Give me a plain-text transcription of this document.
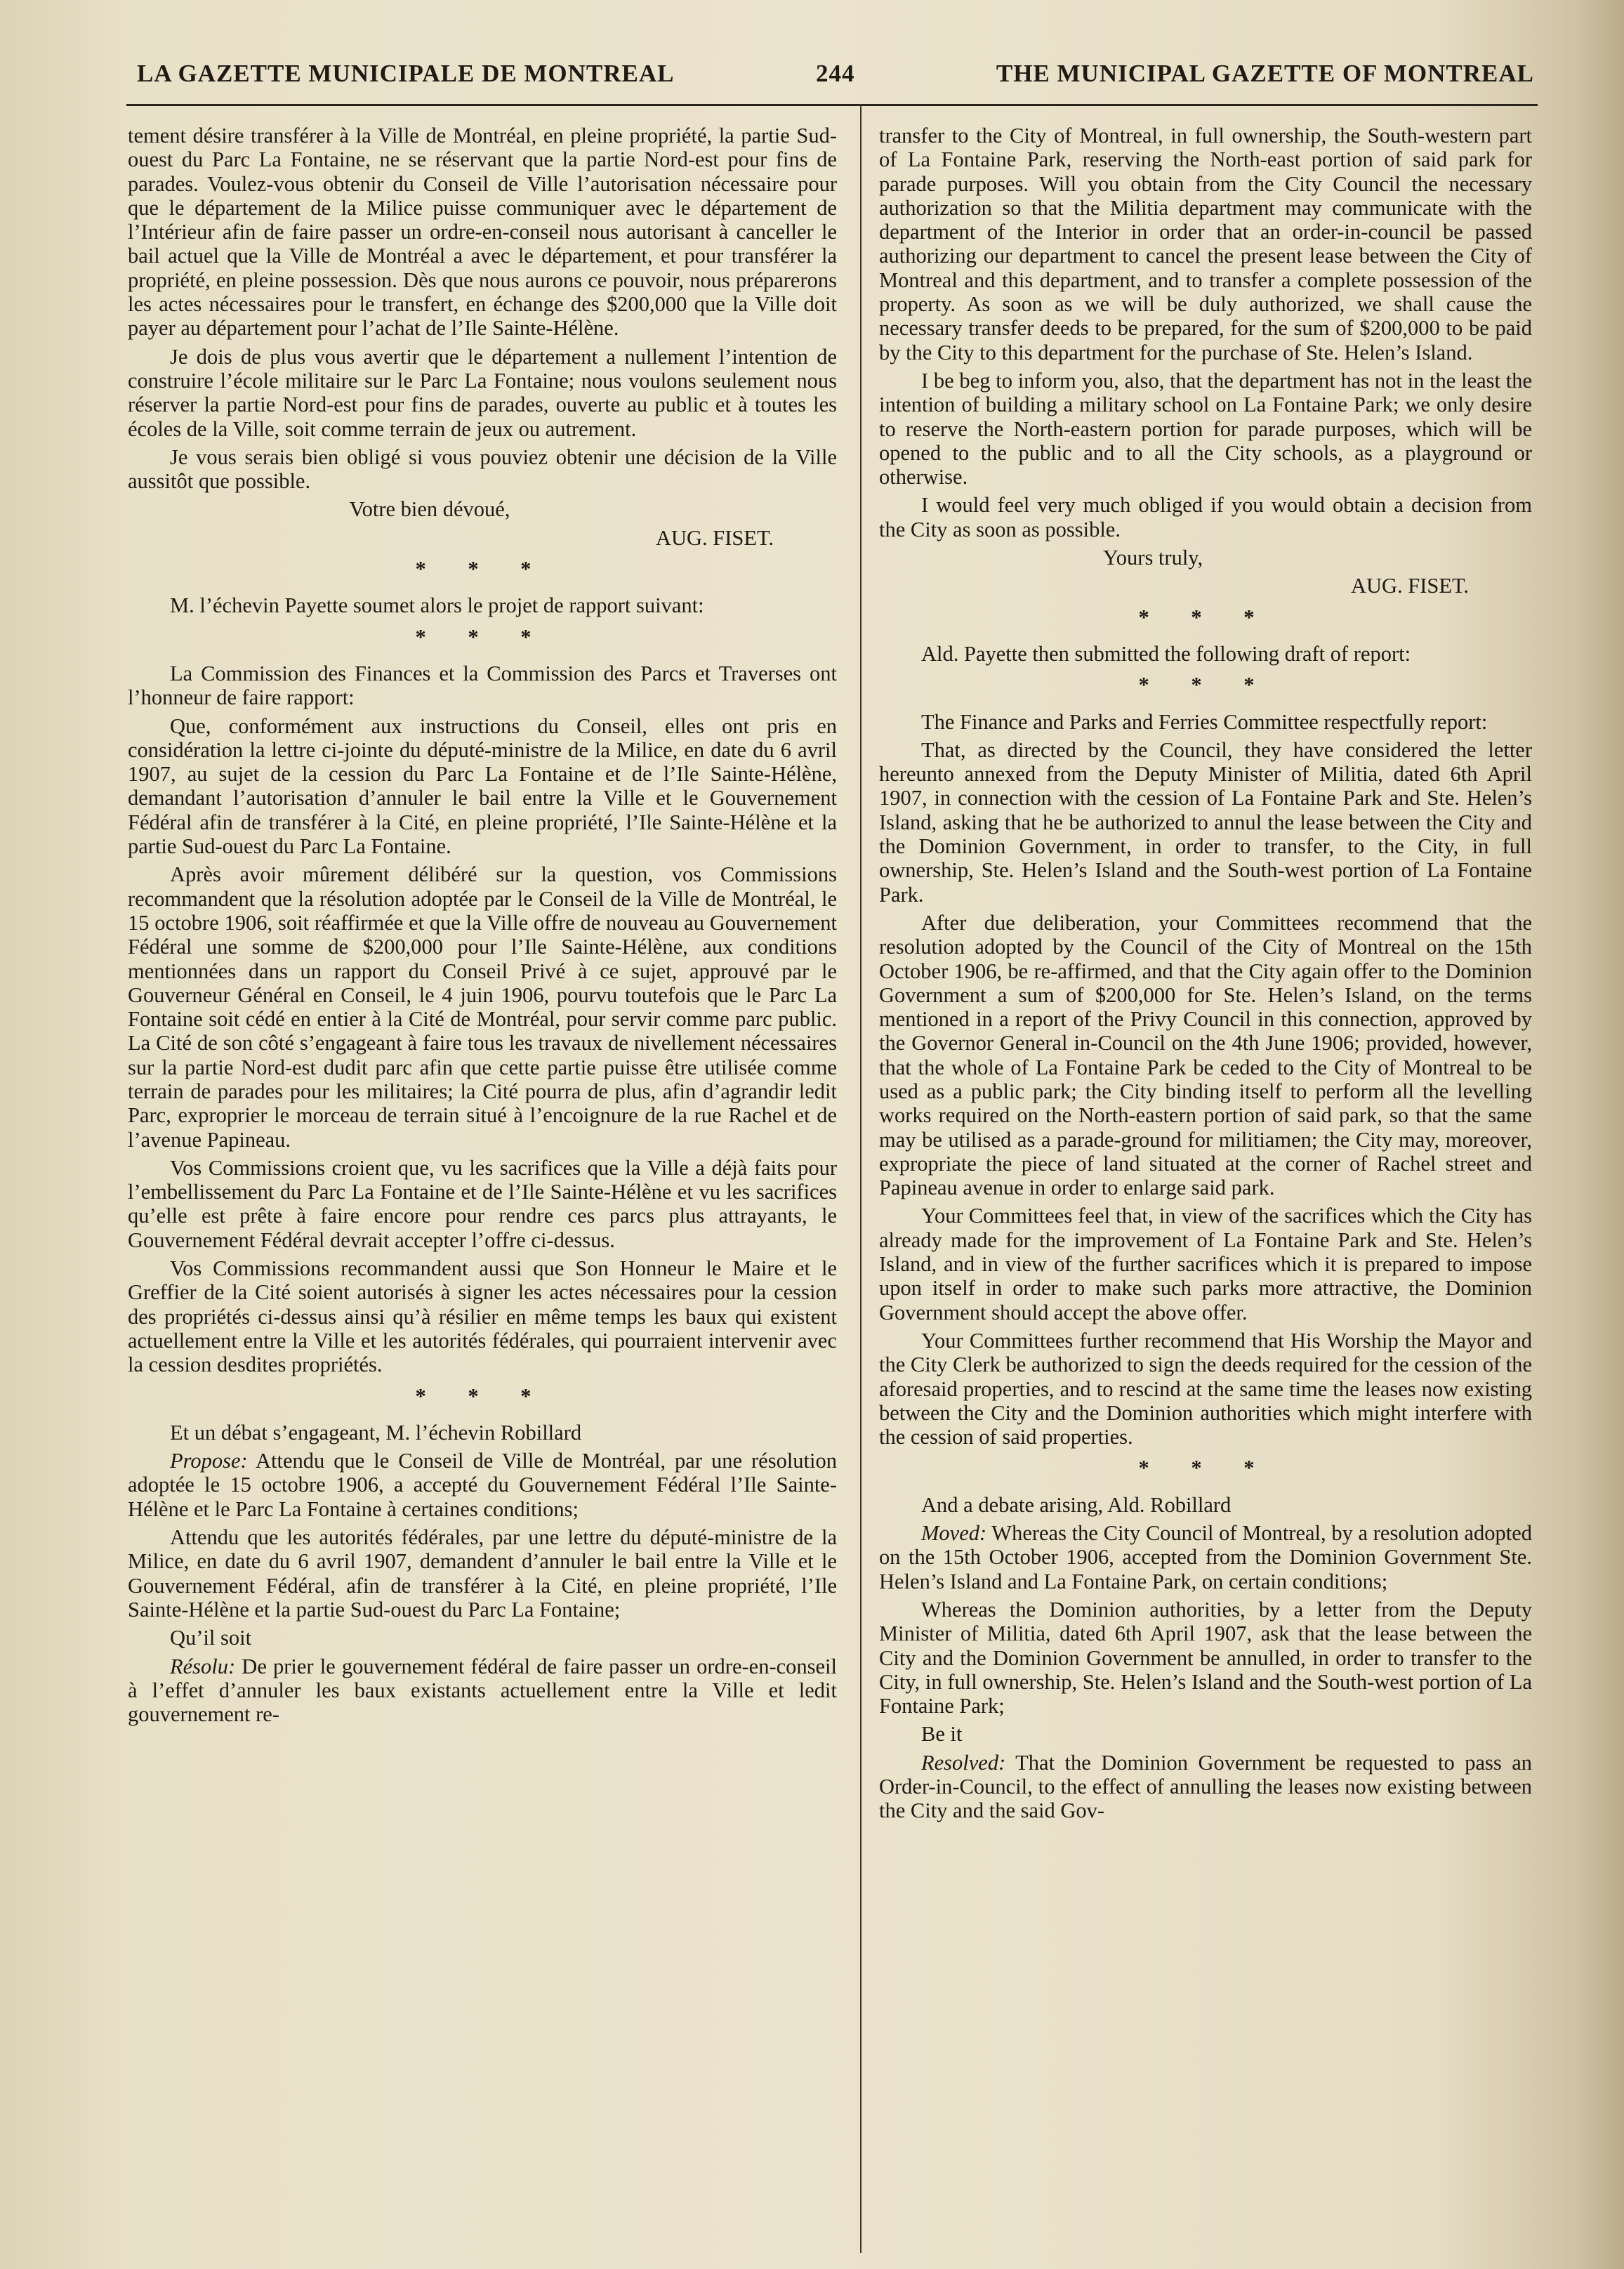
LA GAZETTE MUNICIPALE DE MONTREAL	244	THE MUNICIPAL GAZETTE OF MONTREAL

tement désire transférer à la Ville de Montréal, en pleine propriété, la partie Sud-ouest du Parc La Fontaine, ne se réservant que la partie Nord-est pour fins de parades. Voulez-vous obtenir du Conseil de Ville l’autorisation nécessaire pour que le département de la Milice puisse communiquer avec le département de l’Intérieur afin de faire passer un ordre-en-conseil nous autorisant à canceller le bail actuel que la Ville de Montréal a avec le département, et pour transférer la propriété, en pleine possession. Dès que nous aurons ce pouvoir, nous préparerons les actes nécessaires pour le transfert, en échange des $200,000 que la Ville doit payer au département pour l’achat de l’Ile Sainte-Hélène.

Je dois de plus vous avertir que le département a nullement l’intention de construire l’école militaire sur le Parc La Fontaine; nous voulons seulement nous réserver la partie Nord-est pour fins de parades, ouverte au public et à toutes les écoles de la Ville, soit comme terrain de jeux ou autrement.

Je vous serais bien obligé si vous pouviez obtenir une décision de la Ville aussitôt que possible.

Votre bien dévoué,

AUG. FISET.

* * *

M. l’échevin Payette soumet alors le projet de rapport suivant:

* * *

La Commission des Finances et la Commission des Parcs et Traverses ont l’honneur de faire rapport:

Que, conformément aux instructions du Conseil, elles ont pris en considération la lettre ci-jointe du député-ministre de la Milice, en date du 6 avril 1907, au sujet de la cession du Parc La Fontaine et de l’Ile Sainte-Hélène, demandant l’autorisation d’annuler le bail entre la Ville et le Gouvernement Fédéral afin de transférer à la Cité, en pleine propriété, l’Ile Sainte-Hélène et la partie Sud-ouest du Parc La Fontaine.

Après avoir mûrement délibéré sur la question, vos Commissions recommandent que la résolution adoptée par le Conseil de la Ville de Montréal, le 15 octobre 1906, soit réaffirmée et que la Ville offre de nouveau au Gouvernement Fédéral une somme de $200,000 pour l’Ile Sainte-Hélène, aux conditions mentionnées dans un rapport du Conseil Privé à ce sujet, approuvé par le Gouverneur Général en Conseil, le 4 juin 1906, pourvu toutefois que le Parc La Fontaine soit cédé en entier à la Cité de Montréal, pour servir comme parc public. La Cité de son côté s’engageant à faire tous les travaux de nivellement nécessaires sur la partie Nord-est dudit parc afin que cette partie puisse être utilisée comme terrain de parades pour les militaires; la Cité pourra de plus, afin d’agrandir ledit Parc, exproprier le morceau de terrain situé à l’encoignure de la rue Rachel et de l’avenue Papineau.

Vos Commissions croient que, vu les sacrifices que la Ville a déjà faits pour l’embellissement du Parc La Fontaine et de l’Ile Sainte-Hélène et vu les sacrifices qu’elle est prête à faire encore pour rendre ces parcs plus attrayants, le Gouvernement Fédéral devrait accepter l’offre ci-dessus.

Vos Commissions recommandent aussi que Son Honneur le Maire et le Greffier de la Cité soient autorisés à signer les actes nécessaires pour la cession des propriétés ci-dessus ainsi qu’à résilier en même temps les baux qui existent actuellement entre la Ville et les autorités fédérales, qui pourraient intervenir avec la cession desdites propriétés.

* * *

Et un débat s’engageant, M. l’échevin Robillard

Propose: Attendu que le Conseil de Ville de Montréal, par une résolution adoptée le 15 octobre 1906, a accepté du Gouvernement Fédéral l’Ile Sainte-Hélène et le Parc La Fontaine à certaines conditions;

Attendu que les autorités fédérales, par une lettre du député-ministre de la Milice, en date du 6 avril 1907, demandent d’annuler le bail entre la Ville et le Gouvernement Fédéral, afin de transférer à la Cité, en pleine propriété, l’Ile Sainte-Hélène et la partie Sud-ouest du Parc La Fontaine;

Qu’il soit

Résolu: De prier le gouvernement fédéral de faire passer un ordre-en-conseil à l’effet d’annuler les baux existants actuellement entre la Ville et ledit gouvernement re-

transfer to the City of Montreal, in full ownership, the South-western part of La Fontaine Park, reserving the North-east portion of said park for parade purposes. Will you obtain from the City Council the necessary authorization so that the Militia department may communicate with the department of the Interior in order that an order-in-council be passed authorizing our department to cancel the present lease between the City of Montreal and this department, and to transfer a complete possession of the property. As soon as we will be duly authorized, we shall cause the necessary transfer deeds to be prepared, for the sum of $200,000 to be paid by the City to this department for the purchase of Ste. Helen’s Island.

I be beg to inform you, also, that the department has not in the least the intention of building a military school on La Fontaine Park; we only desire to reserve the North-eastern portion for parade purposes, which will be opened to the public and to all the City schools, as a playground or otherwise.

I would feel very much obliged if you would obtain a decision from the City as soon as possible.

Yours truly,

AUG. FISET.

* * *

Ald. Payette then submitted the following draft of report:

* * *

The Finance and Parks and Ferries Committee respectfully report:

That, as directed by the Council, they have considered the letter hereunto annexed from the Deputy Minister of Militia, dated 6th April 1907, in connection with the cession of La Fontaine Park and Ste. Helen’s Island, asking that he be authorized to annul the lease between the City and the Dominion Government, in order to transfer, to the City, in full ownership, Ste. Helen’s Island and the South-west portion of La Fontaine Park.

After due deliberation, your Committees recommend that the resolution adopted by the Council of the City of Montreal on the 15th October 1906, be re-affirmed, and that the City again offer to the Dominion Government a sum of $200,000 for Ste. Helen’s Island, on the terms mentioned in a report of the Privy Council in this connection, approved by the Governor General in-Council on the 4th June 1906; provided, however, that the whole of La Fontaine Park be ceded to the City of Montreal to be used as a public park; the City binding itself to perform all the levelling works required on the North-eastern portion of said park, so that the same may be utilised as a parade-ground for militiamen; the City may, moreover, expropriate the piece of land situated at the corner of Rachel street and Papineau avenue in order to enlarge said park.

Your Committees feel that, in view of the sacrifices which the City has already made for the improvement of La Fontaine Park and Ste. Helen’s Island, and in view of the further sacrifices which it is prepared to impose upon itself in order to make such parks more attractive, the Dominion Government should accept the above offer.

Your Committees further recommend that His Worship the Mayor and the City Clerk be authorized to sign the deeds required for the cession of the aforesaid properties, and to rescind at the same time the leases now existing between the City and the Dominion authorities which might interfere with the cession of said properties.

* * *

And a debate arising, Ald. Robillard

Moved: Whereas the City Council of Montreal, by a resolution adopted on the 15th October 1906, accepted from the Dominion Government Ste. Helen’s Island and La Fontaine Park, on certain conditions;

Whereas the Dominion authorities, by a letter from the Deputy Minister of Militia, dated 6th April 1907, ask that the lease between the City and the Dominion Government be annulled, in order to transfer to the City, in full ownership, Ste. Helen’s Island and the South-west portion of La Fontaine Park;

Be it

Resolved: That the Dominion Government be requested to pass an Order-in-Council, to the effect of annulling the leases now existing between the City and the said Gov-
